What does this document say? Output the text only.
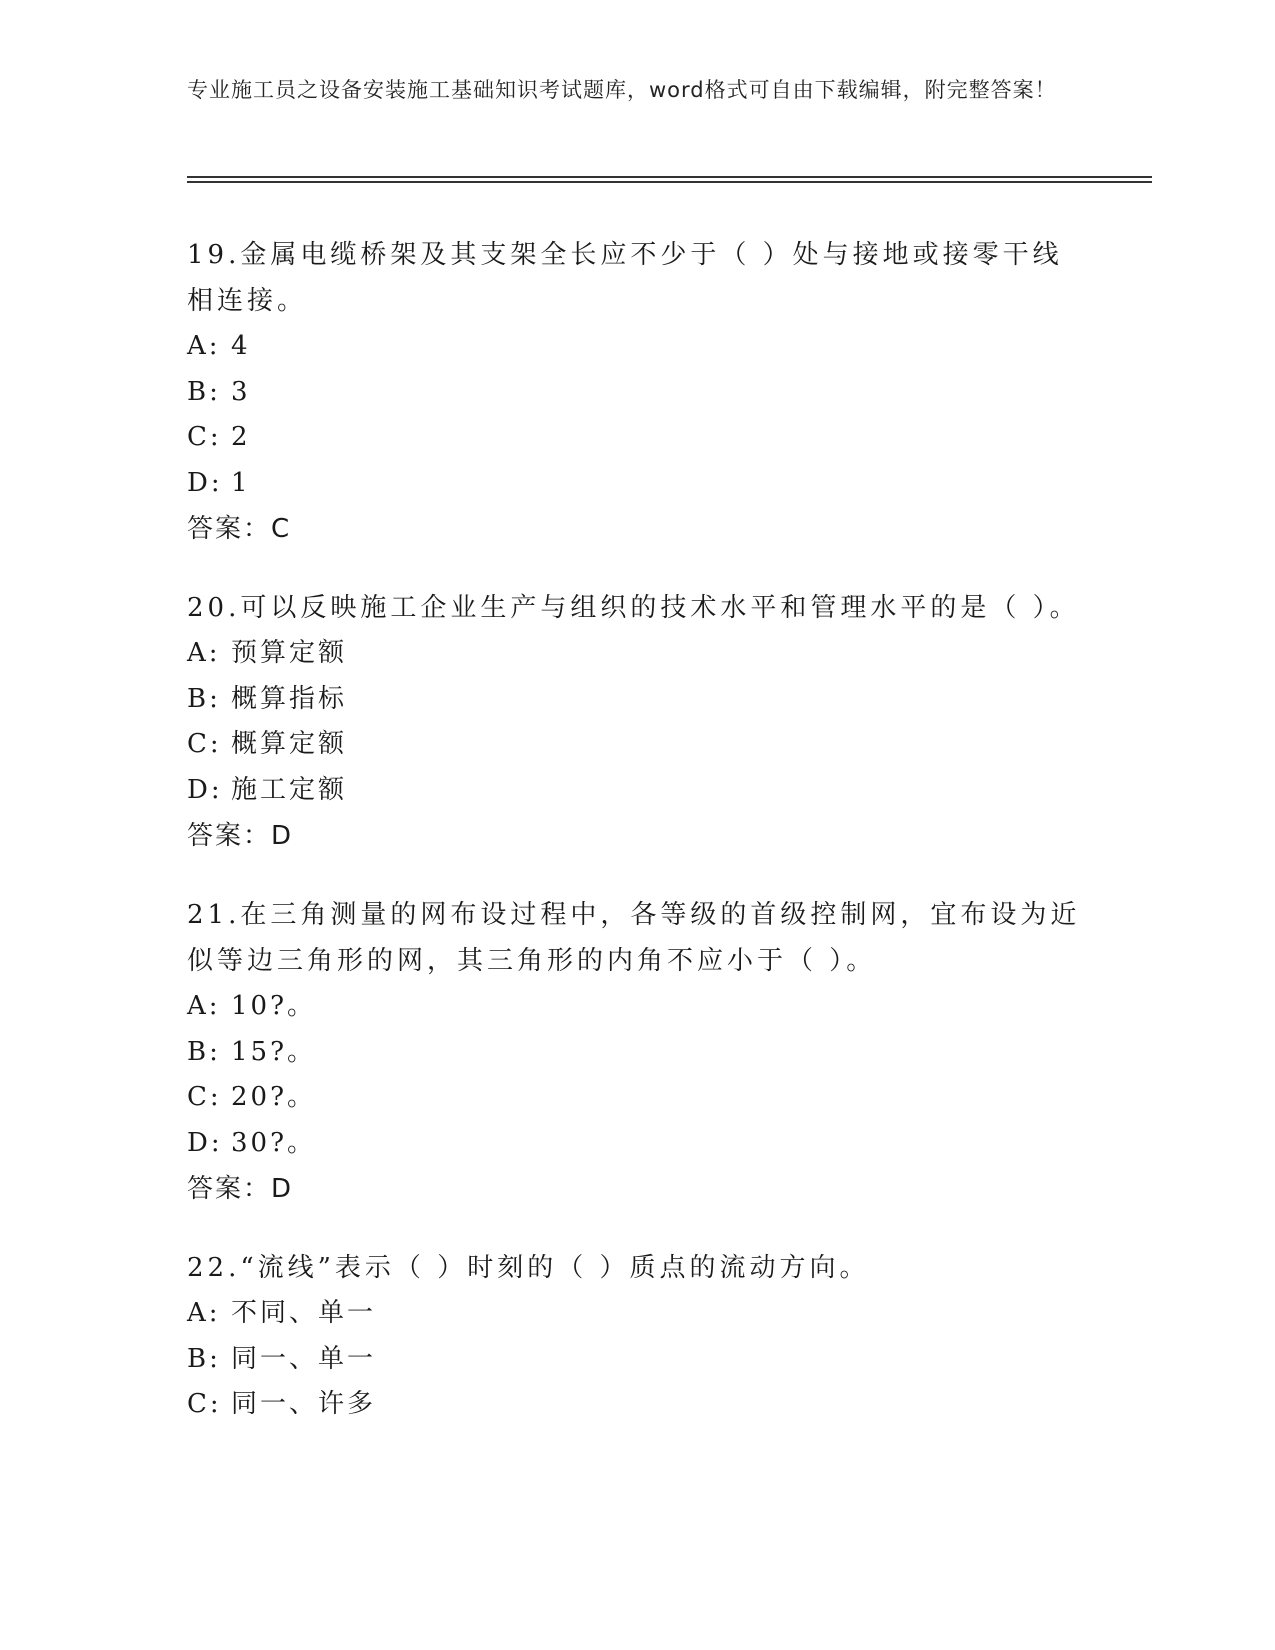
专业施工员之设备安装施工基础知识考试题库，word格式可自由下载编辑，附完整答案！

19.金属电缆桥架及其支架全长应不少于（ ）处与接地或接零干线相连接。

A: 4

B: 3

C: 2

D: 1

答案：C

20.可以反映施工企业生产与组织的技术水平和管理水平的是（ ）。

A: 预算定额

B: 概算指标

C: 概算定额

D: 施工定额

答案：D

21.在三角测量的网布设过程中，各等级的首级控制网，宜布设为近似等边三角形的网，其三角形的内角不应小于（ ）。

A: 10?。

B: 15?。

C: 20?。

D: 30?。

答案：D

22.“流线”表示（ ）时刻的（ ）质点的流动方向。

A: 不同、单一

B: 同一、单一

C: 同一、许多
